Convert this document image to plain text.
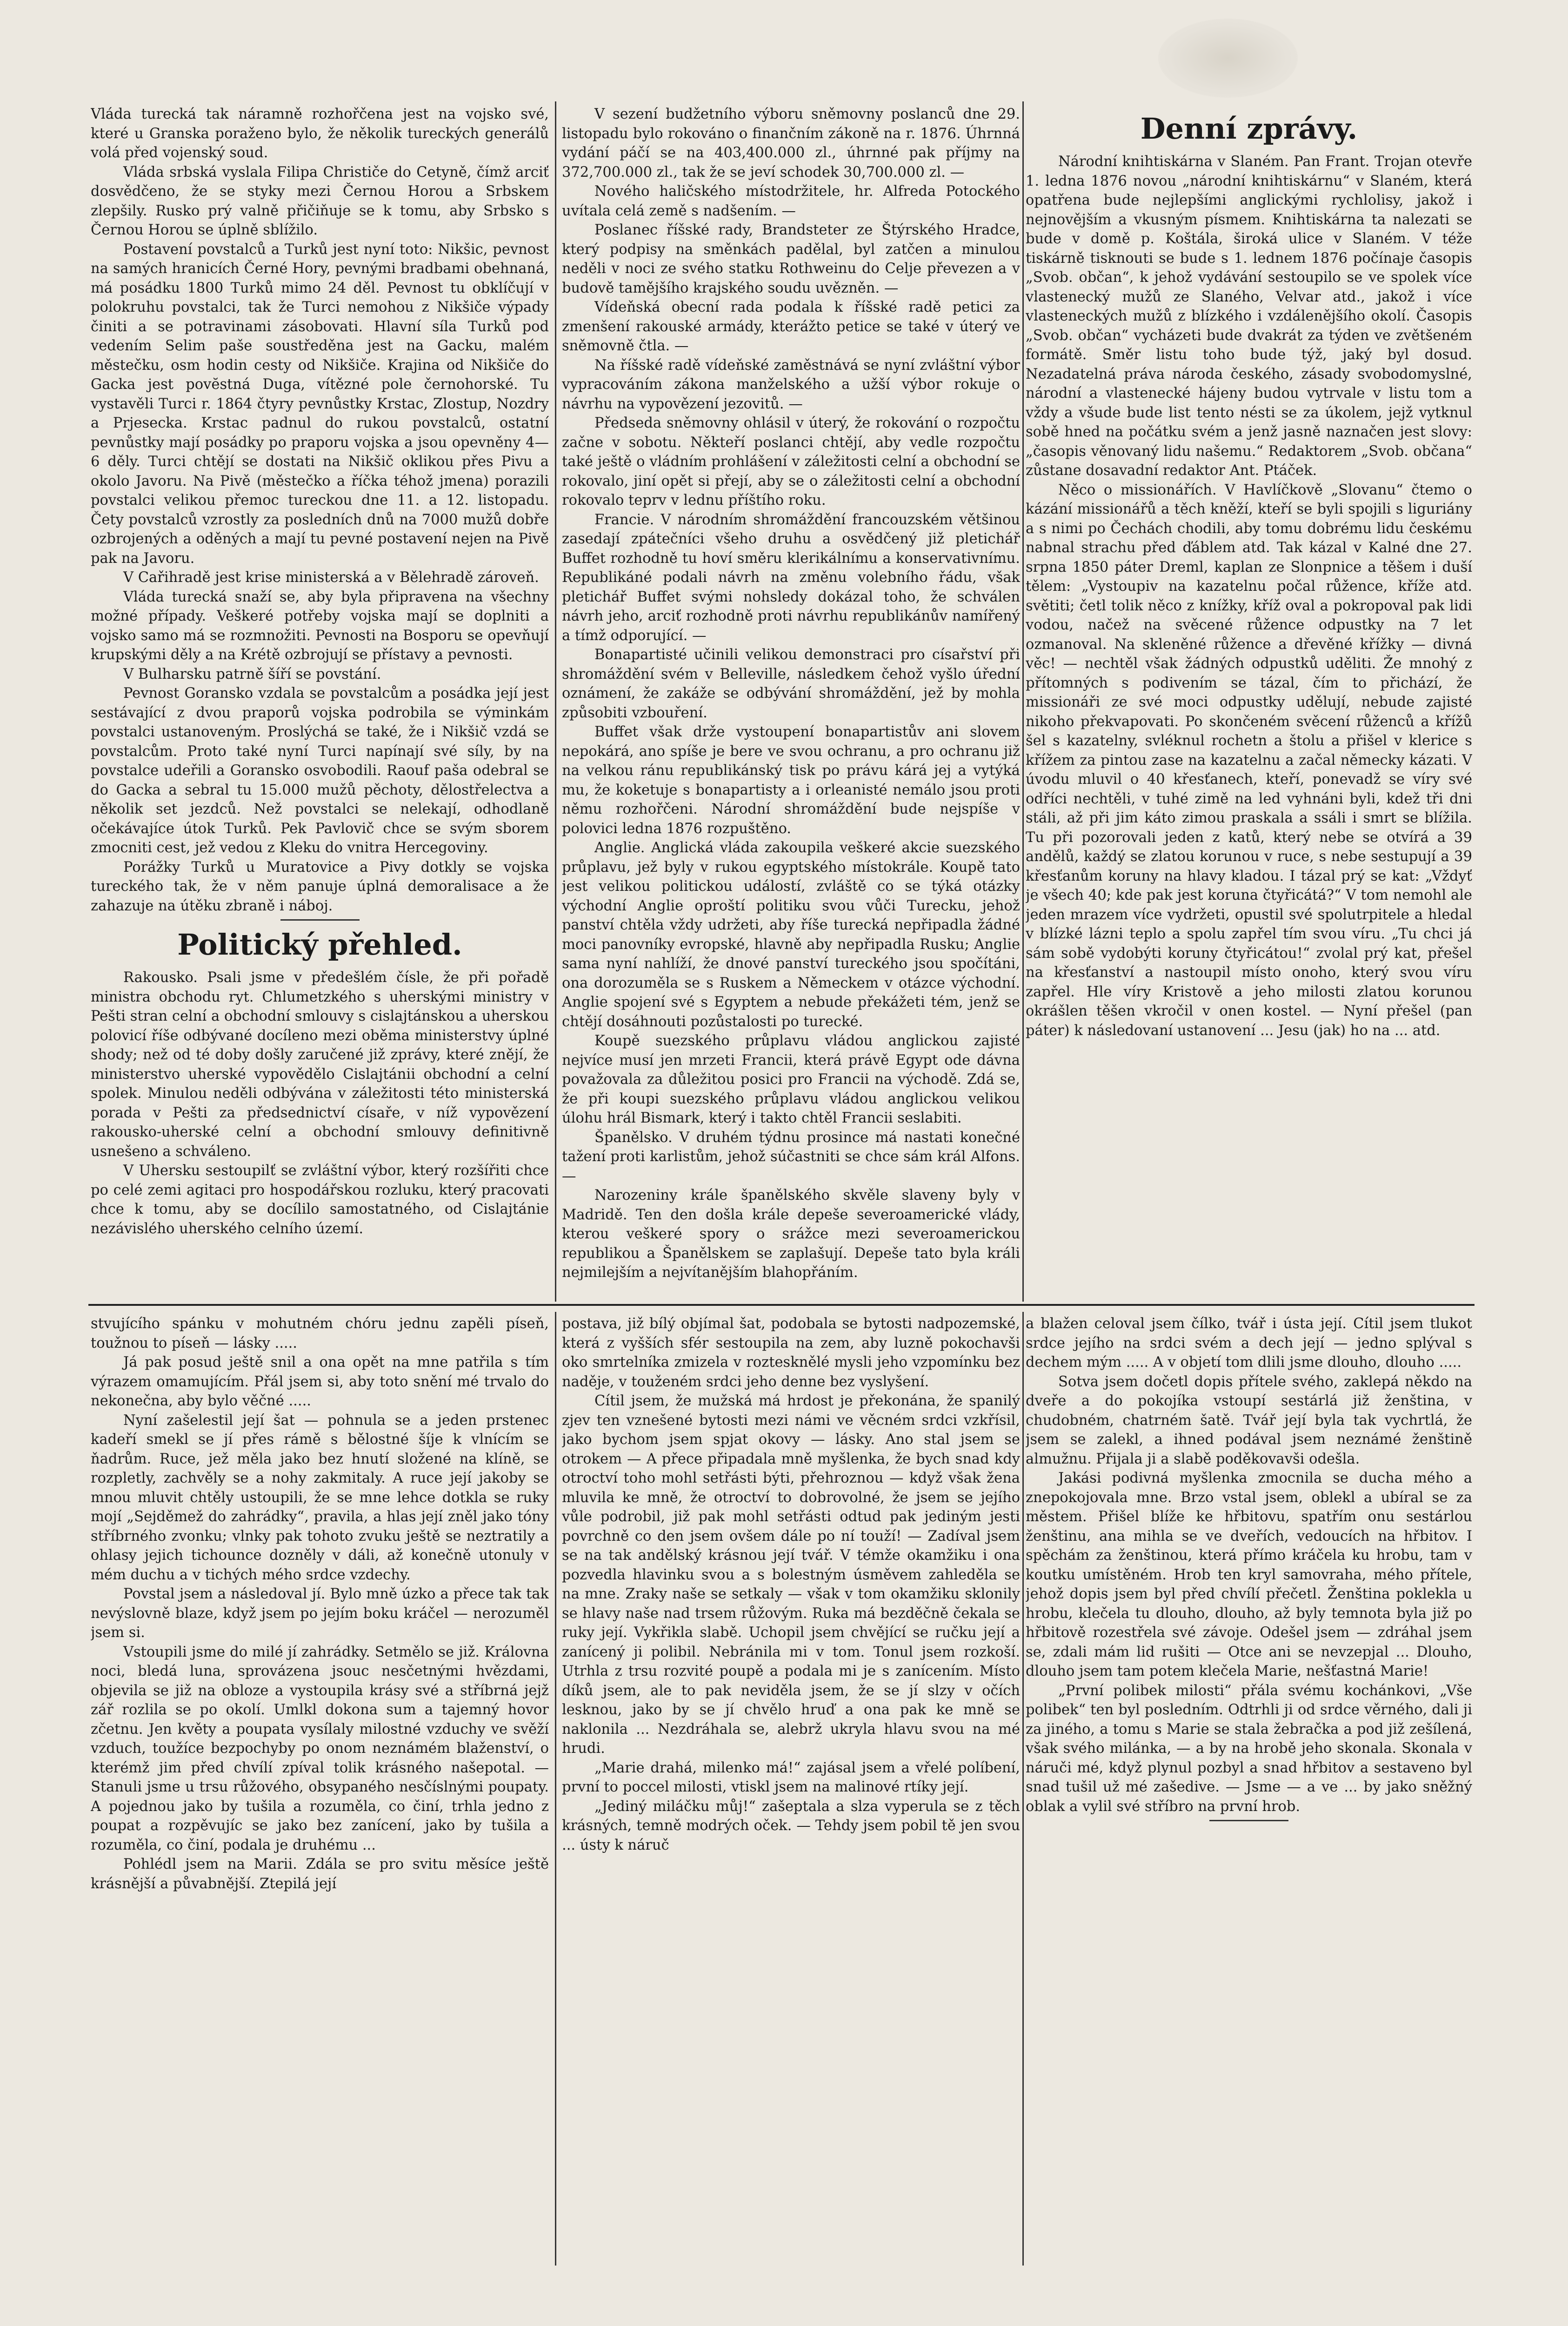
Vláda turecká tak náramně rozhořčena jest na vojsko své, které u Granska poraženo bylo, že několik tureckých generálů volá před vojenský soud.

Vláda srbská vyslala Filipa Christiče do Cetyně, čímž arciť dosvědčeno, že se styky mezi Černou Horou a Srbskem zlepšily. Rusko prý valně přičiňuje se k tomu, aby Srbsko s Černou Horou se úplně sblížilo.

Postavení povstalců a Turků jest nyní toto: Nikšic, pevnost na samých hranicích Černé Hory, pevnými bradbami obehnaná, má posádku 1800 Turků mimo 24 děl. Pevnost tu obklíčují v polokruhu povstalci, tak že Turci nemohou z Nikšiče výpady činiti a se potravinami zásobovati. Hlavní síla Turků pod vedením Selim paše soustředěna jest na Gacku, malém městečku, osm hodin cesty od Nikšiče. Krajina od Nikšiče do Gacka jest povĕstná Duga, vítězné pole černohorské. Tu vystavěli Turci r. 1864 čtyry pevnůstky Krstac, Zlostup, Nozdry a Prjesecka. Krstac padnul do rukou povstalců, ostatní pevnůstky mají posádky po praporu vojska a jsou opevněny 4—6 děly. Turci chtějí se dostati na Nikšič oklikou přes Pivu a okolo Javoru. Na Pivě (městečko a říčka téhož jmena) porazili povstalci velikou přemoc tureckou dne 11. a 12. listopadu. Čety povstalců vzrostly za posledních dnů na 7000 mužů dobře ozbrojených a oděných a mají tu pevné postavení nejen na Pivě pak na Javoru.

V Cařihradě jest krise ministerská a v Bělehradě zároveň.

Vláda turecká snaží se, aby byla připravena na všechny možné případy. Veškeré potřeby vojska mají se doplniti a vojsko samo má se rozmnožiti. Pevnosti na Bosporu se opevňují krupskými děly a na Krétě ozbrojují se přístavy a pevnosti.

V Bulharsku patrně šíří se povstání.

Pevnost Goransko vzdala se povstalcům a posádka její jest sestávající z dvou praporů vojska podrobila se výminkám povstalci ustanoveným. Proslýchá se také, že i Nikšič vzdá se povstalcům. Proto také nyní Turci napínají své síly, by na povstalce udeřili a Goransko osvobodili. Raouf paša odebral se do Gacka a sebral tu 15.000 mužů pěchoty, dělostřelectva a několik set jezdců. Než povstalci se nelekají, odhodlaně očekávajíce útok Turků. Pek Pavlovič chce se svým sborem zmocniti cest, jež vedou z Kleku do vnitra Hercegoviny.

Porážky Turků u Muratovice a Pivy dotkly se vojska tureckého tak, že v něm panuje úplná demoralisace a že zahazuje na útěku zbraně i náboj.

Politický přehled.

Rakousko. Psali jsme v předešlém čísle, že při pořadě ministra obchodu ryt. Chlumetzkého s uherskými ministry v Pešti stran celní a obchodní smlouvy s cislajtánskou a uherskou polovicí říše odbývané docíleno mezi oběma ministerstvy úplné shody; než od té doby došly zaručené již zprávy, které znějí, že ministerstvo uherské vypovědělo Cislajtánii obchodní a celní spolek. Minulou neděli odbývána v záležitosti této ministerská porada v Pešti za předsednictví císaře, v níž vypovězení rakousko-uherské celní a obchodní smlouvy definitivně usnešeno a schváleno.

V Uhersku sestoupilť se zvláštní výbor, který rozšířiti chce po celé zemi agitaci pro hospodářskou rozluku, který pracovati chce k tomu, aby se docílilo samostatného, od Cislajtánie nezávislého uherského celního území.

V sezení budžetního výboru sněmovny poslanců dne 29. listopadu bylo rokováno o finančním zákoně na r. 1876. Úhrnná vydání páčí se na 403,400.000 zl., úhrnné pak příjmy na 372,700.000 zl., tak že se jeví schodek 30,700.000 zl. —

Nového haličského místodržitele, hr. Alfreda Potockého uvítala celá země s nadšením. —

Poslanec říšské rady, Brandsteter ze Štýrského Hradce, který podpisy na směnkách padělal, byl zatčen a minulou neděli v noci ze svého statku Rothweinu do Celje převezen a v budově tamějšího krajského soudu uvězněn. —

Vídeňská obecní rada podala k říšské radě petici za zmenšení rakouské armády, kterážto petice se také v úterý ve sněmovně čtla. —

Na říšské radě vídeňské zaměstnává se nyní zvláštní výbor vypracováním zákona manželského a užší výbor rokuje o návrhu na vypovězení jezovitů. —

Předseda sněmovny ohlásil v úterý, že rokování o rozpočtu začne v sobotu. Někteří poslanci chtějí, aby vedle rozpočtu také ještě o vládním prohlášení v záležitosti celní a obchodní se rokovalo, jiní opět si přejí, aby se o záležitosti celní a obchodní rokovalo teprv v lednu příštího roku.

Francie. V národním shromáždění francouzském většinou zasedají zpátečníci všeho druhu a osvědčený již pletichář Buffet rozhodně tu hoví směru klerikálnímu a konservativnímu. Republikáné podali návrh na změnu volebního řádu, však pletichář Buffet svými nohsledy dokázal toho, že schválen návrh jeho, arciť rozhodně proti návrhu republikánův namířený a tímž odporující. —

Bonapartisté učinili velikou demonstraci pro císařství při shromáždění svém v Belleville, následkem čehož vyšlo úřední oznámení, že zakáže se odbývání shromáždění, jež by mohla způsobiti vzbouření.

Buffet však drže vystoupení bonapartistův ani slovem nepokárá, ano spíše je bere ve svou ochranu, a pro ochranu již na velkou ránu republikánský tisk po právu kárá jej a vytýká mu, že koketuje s bonapartisty a i orleanisté nemálo jsou proti němu rozhořčeni. Národní shromáždění bude nejspíše v polovici ledna 1876 rozpuštěno.

Anglie. Anglická vláda zakoupila veškeré akcie suezského průplavu, jež byly v rukou egyptského místokrále. Koupě tato jest velikou politickou událostí, zvláště co se týká otázky východní Anglie oproští politiku svou vůči Turecku, jehož panství chtěla vždy udržeti, aby říše turecká nepřipadla žádné moci panovníky evropské, hlavně aby nepřipadla Rusku; Anglie sama nyní nahlíží, že dnové panství tureckého jsou spočítáni, ona dorozuměla se s Ruskem a Německem v otázce východní. Anglie spojení své s Egyptem a nebude překážeti tém, jenž se chtějí dosáhnouti pozůstalosti po turecké.

Koupě suezského průplavu vládou anglickou zajisté nejvíce musí jen mrzeti Francii, která právě Egypt ode dávna považovala za důležitou posici pro Francii na východě. Zdá se, že při koupi suezského průplavu vládou anglickou velikou úlohu hrál Bismark, který i takto chtěl Francii seslabiti.

Španělsko. V druhém týdnu prosince má nastati konečné tažení proti karlistům, jehož súčastniti se chce sám král Alfons. —

Narozeniny krále španělského skvěle slaveny byly v Madridě. Ten den došla krále depeše severoamerické vlády, kterou veškeré spory o srážce mezi severoamerickou republikou a Španělskem se zaplašují. Depeše tato byla králi nejmilejším a nejvítanějším blahopřáním.

Denní zprávy.

Národní knihtiskárna v Slaném. Pan Frant. Trojan otevře 1. ledna 1876 novou „národní knihtiskárnu“ v Slaném, která opatřena bude nejlepšími anglickými rychlolisy, jakož i nejnovějším a vkusným písmem. Knihtiskárna ta nalezati se bude v domě p. Koštála, široká ulice v Slaném. V téže tiskárně tisknouti se bude s 1. lednem 1876 počínaje časopis „Svob. občan“, k jehož vydávání sestoupilo se ve spolek více vlastenecký mužů ze Slaného, Velvar atd., jakož i více vlasteneckých mužů z blízkého i vzdálenějšího okolí. Časopis „Svob. občan“ vycházeti bude dvakrát za týden ve zvětšeném formátě. Směr listu toho bude týž, jaký byl dosud. Nezadatelná práva národa českého, zásady svobodomyslné, národní a vlastenecké hájeny budou vytrvale v listu tom a vždy a všude bude list tento nésti se za úkolem, jejž vytknul sobě hned na počátku svém a jenž jasně naznačen jest slovy: „časopis věnovaný lidu našemu.“ Redaktorem „Svob. občana“ zůstane dosavadní redaktor Ant. Ptáček.

Něco o missionářích. V Havlíčkově „Slovanu“ čtemo o kázání missionářů a těch kněží, kteří se byli spojili s liguriány a s nimi po Čechách chodili, aby tomu dobrému lidu českému nabnal strachu před ďáblem atd. Tak kázal v Kalné dne 27. srpna 1850 páter Dreml, kaplan ze Slonpnice a těšem i duší tělem: „Vystoupiv na kazatelnu počal růžence, kříže atd. světiti; četl tolik něco z knížky, kříž oval a pokropoval pak lidi vodou, načež na svěcené růžence odpustky na 7 let ozmanoval. Na skleněné růžence a dřevěné křížky — divná věc! — nechtěl však žádných odpustků uděliti. Že mnohý z přítomných s podivením se tázal, čím to přichází, že missionáři ze své moci odpustky udělují, nebude zajisté nikoho překvapovati. Po skončeném svěcení růženců a křížů šel s kazatelny, svléknul rochetn a štolu a přišel v klerice s křížem za pintou zase na kazatelnu a začal německy kázati. V úvodu mluvil o 40 křesťanech, kteří, ponevadž se víry své odříci nechtěli, v tuhé zimě na led vyhnáni byli, kdež tři dni stáli, až při jim káto zimou praskala a ssáli i smrt se blížila. Tu při pozorovali jeden z katů, který nebe se otvírá a 39 andělů, každý se zlatou korunou v ruce, s nebe sestupují a 39 křesťanům koruny na hlavy kladou. I tázal prý se kat: „Vždyť je všech 40; kde pak jest koruna čtyřicátá?“ V tom nemohl ale jeden mrazem více vydržeti, opustil své spolutrpitele a hledal v blízké lázni teplo a spolu zapřel tím svou víru. „Tu chci já sám sobě vydobýti koruny čtyřicátou!“ zvolal prý kat, přešel na křesťanství a nastoupil místo onoho, který svou víru zapřel. Hle víry Kristově a jeho milosti zlatou korunou okrášlen těšen vkročil v onen kostel. — Nyní přešel (pan páter) k následovaní ustanovení ... Jesu (jak) ho na ... atd.

stvujícího spánku v mohutném chóru jednu zapěli píseň, toužnou to píseň — lásky .....

Já pak posud ještě snil a ona opět na mne patřila s tím výrazem omamujícím. Přál jsem si, aby toto snění mé trvalo do nekonečna, aby bylo věčné .....

Nyní zašelestil její šat — pohnula se a jeden prstenec kadeří smekl se jí přes rámě s bělostné šíje k vlnícím se ňadrům. Ruce, jež měla jako bez hnutí složené na klíně, se rozpletly, zachvěly se a nohy zakmitaly. A ruce její jakoby se mnou mluvit chtěly ustoupili, že se mne lehce dotkla se ruky mojí „Sejděmež do zahrádky“, pravila, a hlas její zněl jako tóny stříbrného zvonku; vlnky pak tohoto zvuku ještě se neztratily a ohlasy jejich tichounce dozněly v dáli, až konečně utonuly v mém duchu a v tichých mého srdce vzdechy.

Povstal jsem a následoval jí. Bylo mně úzko a přece tak tak nevýslovně blaze, když jsem po jejím boku kráčel — nerozuměl jsem si.

Vstoupili jsme do milé jí zahrádky. Setmělo se již. Královna noci, bledá luna, sprovázena jsouc nesčetnými hvězdami, objevila se již na obloze a vystoupila krásy své a stříbrná jejž zář rozlila se po okolí. Umlkl dokona sum a tajemný hovor zčetnu. Jen květy a poupata vysílaly milostné vzduchy ve svěží vzduch, toužíce bezpochyby po onom neznámém blaženství, o kterémž jim před chvílí zpíval tolik krásného našepotal. — Stanuli jsme u trsu růžového, obsypaného nesčíslnými poupaty. A pojednou jako by tušila a rozuměla, co činí, trhla jedno z poupat a rozpěvujíc se jako bez zanícení, jako by tušila a rozuměla, co činí, podala je druhému ...

Pohlédl jsem na Marii. Zdála se pro svitu měsíce ještě krásnější a půvabnější. Ztepilá její

postava, již bílý objímal šat, podobala se bytosti nadpozemské, která z vyšších sfér sestoupila na zem, aby luzně pokochavši oko smrtelníka zmizela v roztesknělé mysli jeho vzpomínku bez naděje, v touženém srdci jeho denne bez vyslyšení.

Cítil jsem, že mužská má hrdost je překonána, že spanilý zjev ten vznešené bytosti mezi námi ve věcném srdci vzkřísil, jako bychom jsem spjat okovy — lásky. Ano stal jsem se otrokem — A přece připadala mně myšlenka, že bych snad kdy otroctví toho mohl setřásti býti, přehroznou — když však žena mluvila ke mně, že otroctví to dobrovolné, že jsem se jejího vůle podrobil, již pak mohl setřásti odtud pak jediným jesti povrchně co den jsem ovšem dále po ní touží! — Zadíval jsem se na tak andělský krásnou její tvář. V témže okamžiku i ona pozvedla hlavinku svou a s bolestným úsměvem zahleděla se na mne. Zraky naše se setkaly — však v tom okamžiku sklonily se hlavy naše nad trsem růžovým. Ruka má bezděčně čekala se ruky její. Vykřikla slabě. Uchopil jsem chvějící se ručku její a zanícený ji polibil. Nebránila mi v tom. Tonul jsem rozkoší. Utrhla z trsu rozvité poupě a podala mi je s zanícením. Místo díků jsem, ale to pak neviděla jsem, že se jí slzy v očích lesknou, jako by se jí chvělo hruď a ona pak ke mně se naklonila ... Nezdráhala se, alebrž ukryla hlavu svou na mé hrudi.

„Marie drahá, milenko má!“ zajásal jsem a vřelé políbení, první to poccel milosti, vtiskl jsem na malinové rtíky její.

„Jediný miláčku můj!“ zašeptala a slza vyperula se z těch krásných, temně modrých oček. — Tehdy jsem pobil tě jen svou ... ústy k náruč

a blažen celoval jsem čílko, tvář i ústa její. Cítil jsem tlukot srdce jejího na srdci svém a dech její — jedno splýval s dechem mým ..... A v objetí tom dlili jsme dlouho, dlouho .....

Sotva jsem dočetl dopis přítele svého, zaklepá někdo na dveře a do pokojíka vstoupí sestárlá již ženština, v chudobném, chatrném šatě. Tvář její byla tak vychrtlá, že jsem se zalekl, a ihned podával jsem neznámé ženštině almužnu. Přijala ji a slabě poděkovavši odešla.

Jakási podivná myšlenka zmocnila se ducha mého a znepokojovala mne. Brzo vstal jsem, oblekl a ubíral se za městem. Přišel blíže ke hřbitovu, spatřím onu sestárlou ženštinu, ana mihla se ve dveřích, vedoucích na hřbitov. I spěchám za ženštinou, která přímo kráčela ku hrobu, tam v koutku umístěném. Hrob ten kryl samovraha, mého přítele, jehož dopis jsem byl před chvílí přečetl. Ženština poklekla u hrobu, klečela tu dlouho, dlouho, až byly temnota byla již po hřbitově rozestřela své závoje. Odešel jsem — zdráhal jsem se, zdali mám lid rušiti — Otce ani se nevzepjal ... Dlouho, dlouho jsem tam potem klečela Marie, nešťastná Marie!

„První polibek milosti“ přála svému kochánkovi, „Vše polibek“ ten byl posledním. Odtrhli ji od srdce věrného, dali ji za jiného, a tomu s Marie se stala žebračka a pod již zešílená, však svého milánka, — a by na hrobě jeho skonala. Skonala v náruči mé, když plynul pozbyl a snad hřbitov a sestaveno byl snad tušil už mé zašedive. — Jsme — a ve ... by jako sněžný oblak a vylil své stříbro na první hrob.
